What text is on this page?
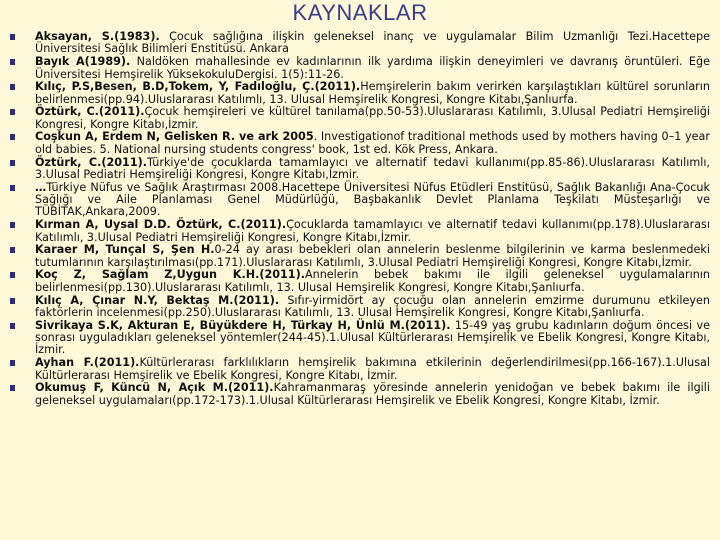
KAYNAKLAR
Aksayan, S.(1983). Çocuk sağlığına ilişkin geleneksel inanç ve uygulamalar Bilim Uzmanlığı Tezi.Hacettepe Üniversitesi Sağlık Bilimleri Enstitüsü. Ankara
Bayık A(1989). Naldöken mahallesinde ev kadınlarının ilk yardıma ilişkin deneyimleri ve davranış öruntüleri. Eğe Üniversitesi Hemşirelik YüksekokuluDergisi. 1(5):11-26.
Kılıç, P.S,Besen, B.D,Tokem, Y, Fadıloğlu, Ç.(2011).Hemşirelerin bakım verirken karşılaştıkları kültürel sorunların belirlenmesi(pp.94).Uluslararası Katılımlı, 13. Ulusal Hemşirelik Kongresi, Kongre Kitabı,Şanlıurfa.
Öztürk, C.(2011).Çocuk hemşireleri ve kültürel tanılama(pp.50-53).Uluslararası Katılımlı, 3.Ulusal Pediatri Hemşireliği Kongresi, Kongre Kitabı,İzmir.
Coşkun A, Erdem N, Gelisken R. ve ark 2005. Investigationof traditional methods used by mothers having 0–1 year old babies. 5. National nursing students congress' book, 1st ed. Kök Press, Ankara.
Öztürk, C.(2011).Türkiye'de çocuklarda tamamlayıcı ve alternatif tedavi kullanımı(pp.85-86).Uluslararası Katılımlı, 3.Ulusal Pediatri Hemşireliği Kongresi, Kongre Kitabı,İzmir.
…Türkiye Nüfus ve Sağlık Araştırması 2008.Hacettepe Üniversitesi Nüfus Etüdleri Enstitüsü, Sağlık Bakanlığı Ana-Çocuk Sağlığı ve Aile Planlaması Genel Müdürlüğü, Başbakanlık Devlet Planlama Teşkilatı Müsteşarlığı ve TÜBİTAK,Ankara,2009.
Kırman A, Uysal D.D. Öztürk, C.(2011).Çocuklarda tamamlayıcı ve alternatif tedavi kullanımı(pp.178).Uluslararası Katılımlı, 3.Ulusal Pediatri Hemşireliği Kongresi, Kongre Kitabı,İzmir.
Karaer M, Tunçal S, Şen H.0-24 ay arası bebekleri olan annelerin beslenme bilgilerinin ve karma beslenmedeki tutumlarının karşılaştırılması(pp.171).Uluslararası Katılımlı, 3.Ulusal Pediatri Hemşireliği Kongresi, Kongre Kitabı,İzmir.
Koç Z, Sağlam Z,Uygun K.H.(2011).Annelerin bebek bakımı ile ilgili geleneksel uygulamalarının belirlenmesi(pp.130).Uluslararası Katılımlı, 13. Ulusal Hemşirelik Kongresi, Kongre Kitabı,Şanlıurfa.
Kılıç A, Çınar N.Y, Bektaş M.(2011). Sıfır-yirmidört ay çocuğu olan annelerin emzirme durumunu etkileyen faktörlerin incelenmesi(pp.250).Uluslararası Katılımlı, 13. Ulusal Hemşirelik Kongresi, Kongre Kitabı,Şanlıurfa.
Sivrikaya S.K, Akturan E, Büyükdere H, Türkay H, Ünlü M.(2011). 15-49 yaş grubu kadınların doğum öncesi ve sonrası uyguladıkları geleneksel yöntemler(244-45).1.Ulusal Kültürlerarası Hemşirelik ve Ebelik Kongresi, Kongre Kitabı, İzmir.
Ayhan F.(2011).Kültürlerarası farklılıkların hemşirelik bakımına etkilerinin değerlendirilmesi(pp.166-167).1.Ulusal Kültürlerarası Hemşirelik ve Ebelik Kongresi, Kongre Kitabı, İzmir.
Okumuş F, Küncü N, Açık M.(2011).Kahramanmaraş yöresinde annelerin yenidoğan ve bebek bakımı ile ilgili geleneksel uygulamaları(pp.172-173).1.Ulusal Kültürlerarası Hemşirelik ve Ebelik Kongresi, Kongre Kitabı, İzmir.
